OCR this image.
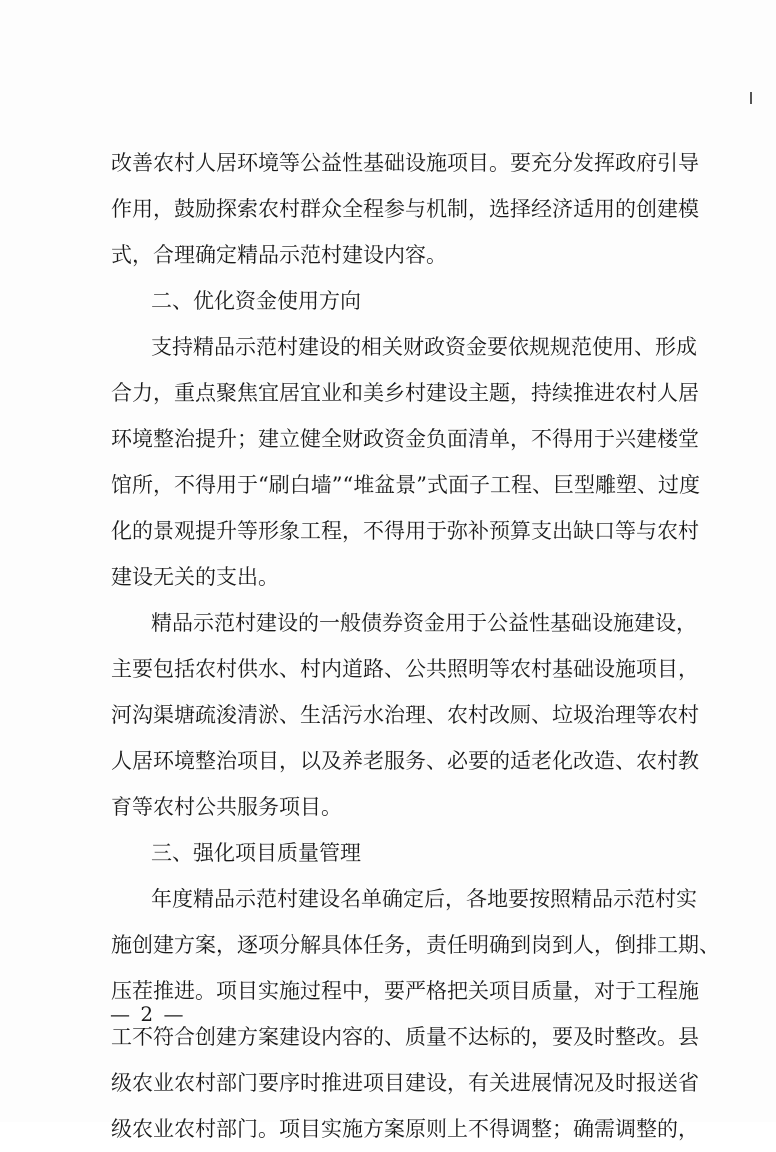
改善农村人居环境等公益性基础设施项目。要充分发挥政府引导
作用，鼓励探索农村群众全程参与机制，选择经济适用的创建模
式，合理确定精品示范村建设内容。
二、优化资金使用方向
支持精品示范村建设的相关财政资金要依规规范使用、形成
合力，重点聚焦宜居宜业和美乡村建设主题，持续推进农村人居
环境整治提升；建立健全财政资金负面清单，不得用于兴建楼堂
馆所，不得用于“刷白墙”“堆盆景”式面子工程、巨型雕塑、过度
化的景观提升等形象工程，不得用于弥补预算支出缺口等与农村
建设无关的支出。
精品示范村建设的一般债券资金用于公益性基础设施建设，
主要包括农村供水、村内道路、公共照明等农村基础设施项目，
河沟渠塘疏浚清淤、生活污水治理、农村改厕、垃圾治理等农村
人居环境整治项目，以及养老服务、必要的适老化改造、农村教
育等农村公共服务项目。
三、强化项目质量管理
年度精品示范村建设名单确定后，各地要按照精品示范村实
施创建方案，逐项分解具体任务，责任明确到岗到人，倒排工期、
压茬推进。项目实施过程中，要严格把关项目质量，对于工程施
工不符合创建方案建设内容的、质量不达标的，要及时整改。县
级农业农村部门要序时推进项目建设，有关进展情况及时报送省
级农业农村部门。项目实施方案原则上不得调整；确需调整的，
— 2 —
